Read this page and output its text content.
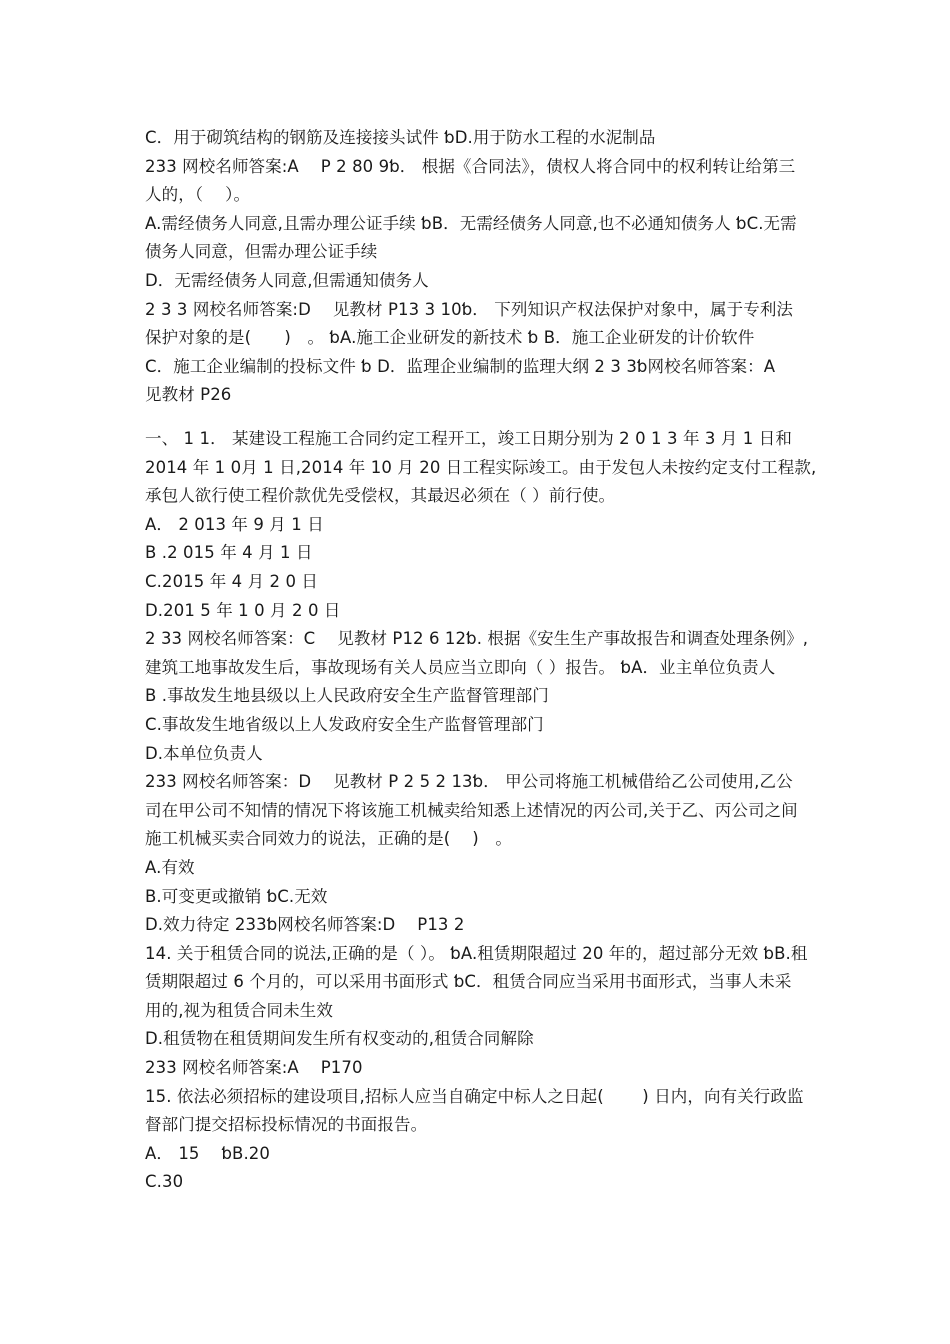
C．用于砌筑结构的钢筋及连接接头试件 ﻿ƅD.用于防水工程的水泥制品
233 网校名师答案:A　 P 2 80 9ƅ． 根据《合同法》，债权人将合同中的权利转让给第三
人的，（　 ）。
A.需经债务人同意,且需办理公证手续 ƅB．无需经债务人同意,也不必通知债务人 ƅC.无需
债务人同意，但需办理公证手续
D．无需经债务人同意,但需通知债务人
2 3 3 网校名师答案:D　 见教材 P13 3 10ƅ． 下列知识产权法保护对象中，属于专利法
保护对象的是(　　)　。 ƅA.施工企业研发的新技术 ƅ B．施工企业研发的计价软件
C．施工企业编制的投标文件 ƅ D．监理企业编制的监理大纲 2 3 3ƅ网校名师答案：A
见教材 P26
一、 1 1． 某建设工程施工合同约定工程开工，竣工日期分别为 2 0 1 3 年 3 月 1 日和
2014 年 1 0月 1 日,2014 年 10 月 20 日工程实际竣工。由于发包人未按约定支付工程款,
承包人欲行使工程价款优先受偿权，其最迟必须在（ ）前行使。
A． 2 013 年 9 月 1 日
B .2 015 年 4 月 1 日
C.2015 年 4 月 2 0 日
D.201 5 年 1 0 月 2 0 日
2 33 网校名师答案：C　 见教材 P12 6 12ƅ. 根据《安生生产事故报告和调查处理条例》,
建筑工地事故发生后，事故现场有关人员应当立即向（ ）报告。 ƅA．业主单位负责人
B .事故发生地县级以上人民政府安全生产监督管理部门
C.事故发生地省级以上人发政府安全生产监督管理部门
D.本单位负责人
233 网校名师答案：D　 见教材 P 2 5 2 13ƅ． 甲公司将施工机械借给乙公司使用,乙公
司在甲公司不知情的情况下将该施工机械卖给知悉上述情况的丙公司,关于乙、丙公司之间
施工机械买卖合同效力的说法，正确的是(　 )　。
A.有效
B.可变更或撤销 ƅC.无效
D.效力待定 233ƅ网校名师答案:D　 P13 2
14. 关于租赁合同的说法,正确的是（ ）。 ƅA.租赁期限超过 20 年的，超过部分无效 ƅB.租
赁期限超过 6 个月的，可以采用书面形式 ƅC．租赁合同应当采用书面形式，当事人未采
用的,视为租赁合同未生效
D.租赁物在租赁期间发生所有权变动的,租赁合同解除
233 网校名师答案:A　 P170
15. 依法必须招标的建设项目,招标人应当自确定中标人之日起(　　 ) 日内，向有关行政监
督部门提交招标投标情况的书面报告。
A． 15　 ƅB.20
C.30
